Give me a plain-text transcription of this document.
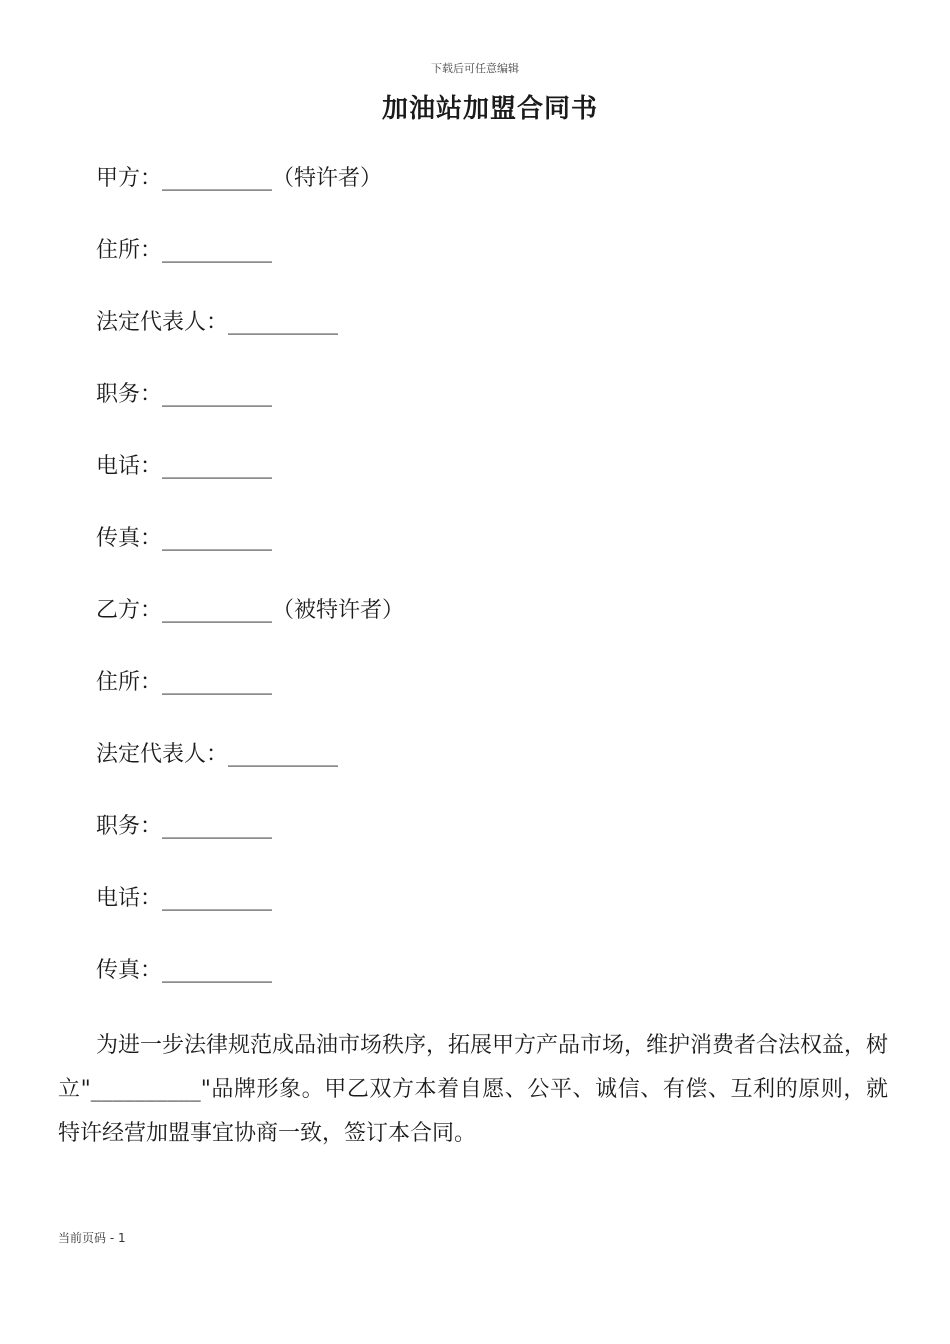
下载后可任意编辑
加油站加盟合同书
甲方：__________（特许者）
住所：__________
法定代表人：__________
职务：__________
电话：__________
传真：__________
乙方：__________（被特许者）
住所：__________
法定代表人：__________
职务：__________
电话：__________
传真：__________
为进一步法律规范成品油市场秩序，拓展甲方产品市场，维护消费者合法权益，树立"__________"品牌形象。甲乙双方本着自愿、公平、诚信、有偿、互利的原则，就特许经营加盟事宜协商一致，签订本合同。
当前页码 - 1
